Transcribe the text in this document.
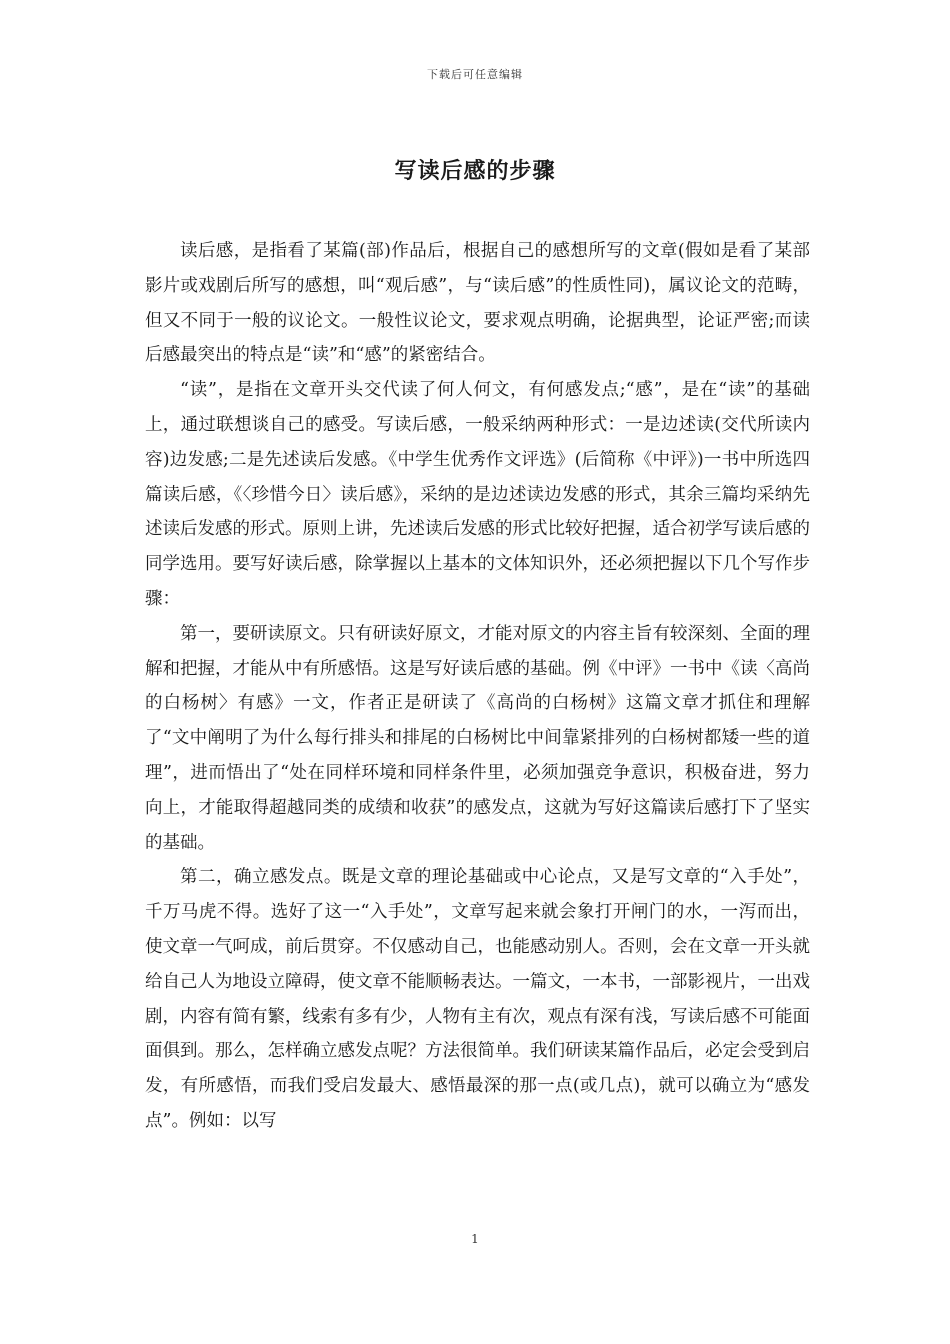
下载后可任意编辑
写读后感的步骤

读后感，是指看了某篇(部)作品后，根据自己的感想所写的文章(假如是看了某部影片或戏剧后所写的感想，叫“观后感”，与“读后感”的性质性同)，属议论文的范畴，但又不同于一般的议论文。一般性议论文，要求观点明确，论据典型，论证严密;而读后感最突出的特点是“读”和“感”的紧密结合。

“读”，是指在文章开头交代读了何人何文，有何感发点;“感”，是在“读”的基础上，通过联想谈自己的感受。写读后感，一般采纳两种形式：一是边述读(交代所读内容)边发感;二是先述读后发感。《中学生优秀作文评选》(后简称《中评》)一书中所选四篇读后感，《〈珍惜今日〉读后感》，采纳的是边述读边发感的形式，其余三篇均采纳先述读后发感的形式。原则上讲，先述读后发感的形式比较好把握，适合初学写读后感的同学选用。要写好读后感，除掌握以上基本的文体知识外，还必须把握以下几个写作步骤：

第一，要研读原文。只有研读好原文，才能对原文的内容主旨有较深刻、全面的理解和把握，才能从中有所感悟。这是写好读后感的基础。例《中评》一书中《读〈高尚的白杨树〉有感》一文，作者正是研读了《高尚的白杨树》这篇文章才抓住和理解了“文中阐明了为什么每行排头和排尾的白杨树比中间靠紧排列的白杨树都矮一些的道理”，进而悟出了“处在同样环境和同样条件里，必须加强竞争意识，积极奋进，努力向上，才能取得超越同类的成绩和收获”的感发点，这就为写好这篇读后感打下了坚实的基础。

第二，确立感发点。既是文章的理论基础或中心论点，又是写文章的“入手处”，千万马虎不得。选好了这一“入手处”，文章写起来就会象打开闸门的水，一泻而出，使文章一气呵成，前后贯穿。不仅感动自己，也能感动别人。否则，会在文章一开头就给自己人为地设立障碍，使文章不能顺畅表达。一篇文，一本书，一部影视片，一出戏剧，内容有简有繁，线索有多有少，人物有主有次，观点有深有浅，写读后感不可能面面俱到。那么，怎样确立感发点呢？方法很简单。我们研读某篇作品后，必定会受到启发，有所感悟，而我们受启发最大、感悟最深的那一点(或几点)，就可以确立为“感发点”。例如：以写

1
